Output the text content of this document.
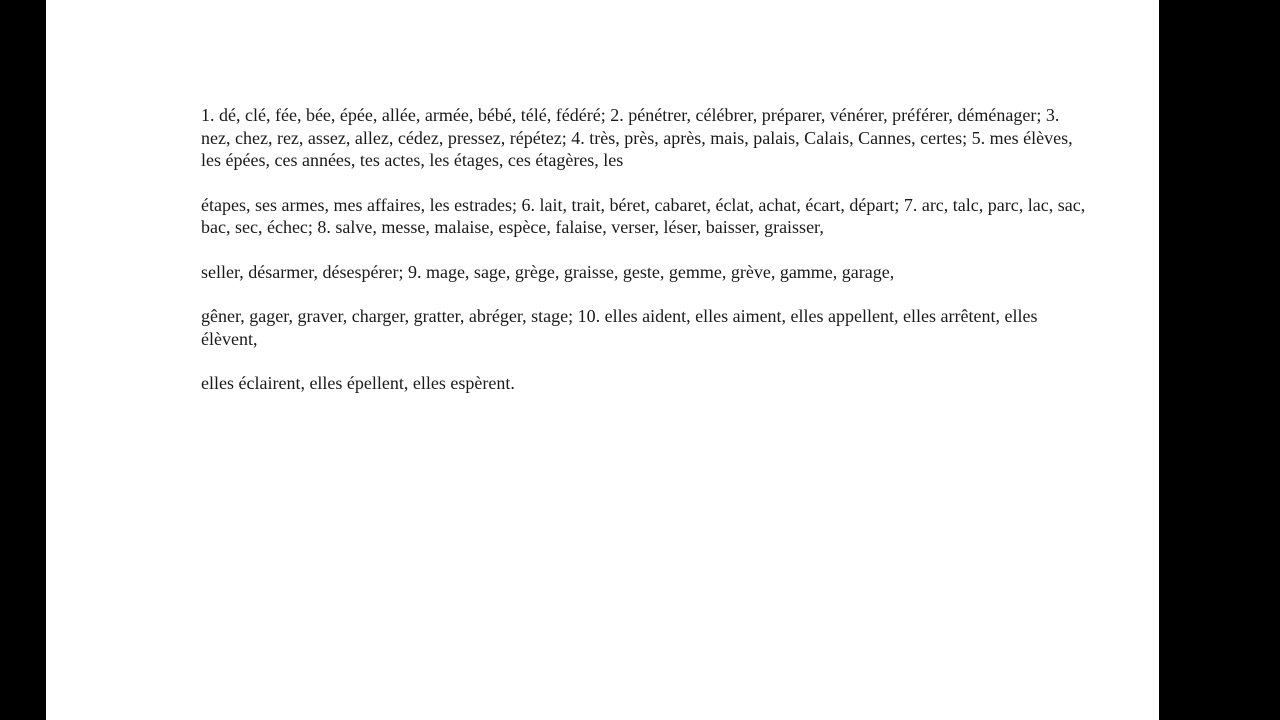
1. dé, clé, fée, bée, épée, allée, armée, bébé, télé, fédéré; 2. pénétrer, célébrer, préparer, vénérer, préférer, déménager; 3. nez, chez, rez, assez, allez, cédez, pressez, répétez; 4. très, près, après, mais, palais, Calais, Cannes, certes; 5. mes élèves, les épées, ces années, tes actes, les étages, ces étagères, les

étapes, ses armes, mes affaires, les estrades; 6. lait, trait, béret, cabaret, éclat, achat, écart, départ; 7. arc, talc, parc, lac, sac, bac, sec, échec; 8. salve, messe, malaise, espèce, falaise, verser, léser, baisser, graisser,

seller, désarmer, désespérer; 9. mage, sage, grège, graisse, geste, gemme, grève, gamme, garage,

gêner, gager, graver, charger, gratter, abréger, stage; 10. elles aident, elles aiment, elles appellent, elles arrêtent, elles élèvent,

elles éclairent, elles épellent, elles espèrent.
